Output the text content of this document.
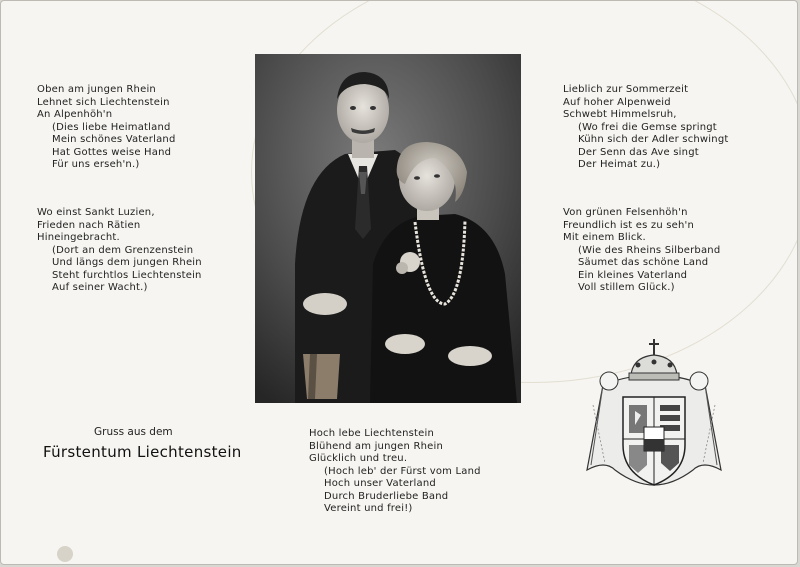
Oben am jungen Rhein
Lehnet sich Liechtenstein
An Alpenhöh'n
(Dies liebe Heimatland
Mein schönes Vaterland
Hat Gottes weise Hand
Für uns erseh'n.)
Wo einst Sankt Luzien,
Frieden nach Rätien
Hineingebracht.
(Dort an dem Grenzenstein
Und längs dem jungen Rhein
Steht furchtlos Liechtenstein
Auf seiner Wacht.)
Lieblich zur Sommerzeit
Auf hoher Alpenweid
Schwebt Himmelsruh,
(Wo frei die Gemse springt
Kühn sich der Adler schwingt
Der Senn das Ave singt
Der Heimat zu.)
Von grünen Felsenhöh'n
Freundlich ist es zu seh'n
Mit einem Blick.
(Wie des Rheins Silberband
Säumet das schöne Land
Ein kleines Vaterland
Voll stillem Glück.)
Hoch lebe Liechtenstein
Blühend am jungen Rhein
Glücklich und treu.
(Hoch leb' der Fürst vom Land
Hoch unser Vaterland
Durch Bruderliebe Band
Vereint und frei!)
Gruss aus dem
Fürstentum Liechtenstein
